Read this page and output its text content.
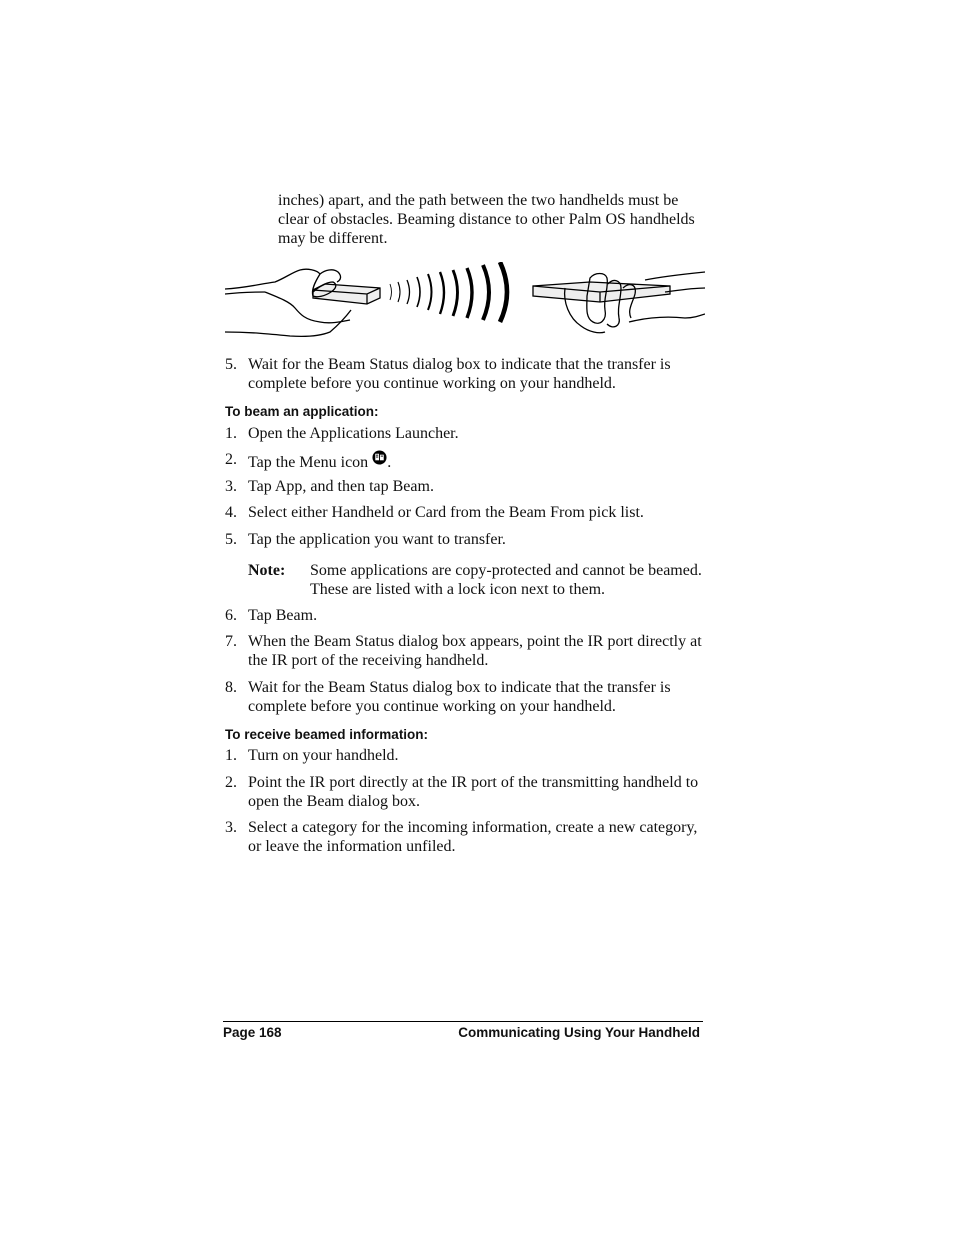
inches) apart, and the path between the two handhelds must be clear of obstacles. Beaming distance to other Palm OS handhelds may be different.
5. Wait for the Beam Status dialog box to indicate that the transfer is complete before you continue working on your handheld.
To beam an application:
1. Open the Applications Launcher.
2. Tap the Menu icon .
3. Tap App, and then tap Beam.
4. Select either Handheld or Card from the Beam From pick list.
5. Tap the application you want to transfer.
Note: Some applications are copy-protected and cannot be beamed. These are listed with a lock icon next to them.
6. Tap Beam.
7. When the Beam Status dialog box appears, point the IR port directly at the IR port of the receiving handheld.
8. Wait for the Beam Status dialog box to indicate that the transfer is complete before you continue working on your handheld.
To receive beamed information:
1. Turn on your handheld.
2. Point the IR port directly at the IR port of the transmitting handheld to open the Beam dialog box.
3. Select a category for the incoming information, create a new category, or leave the information unfiled.
Page 168	Communicating Using Your Handheld
